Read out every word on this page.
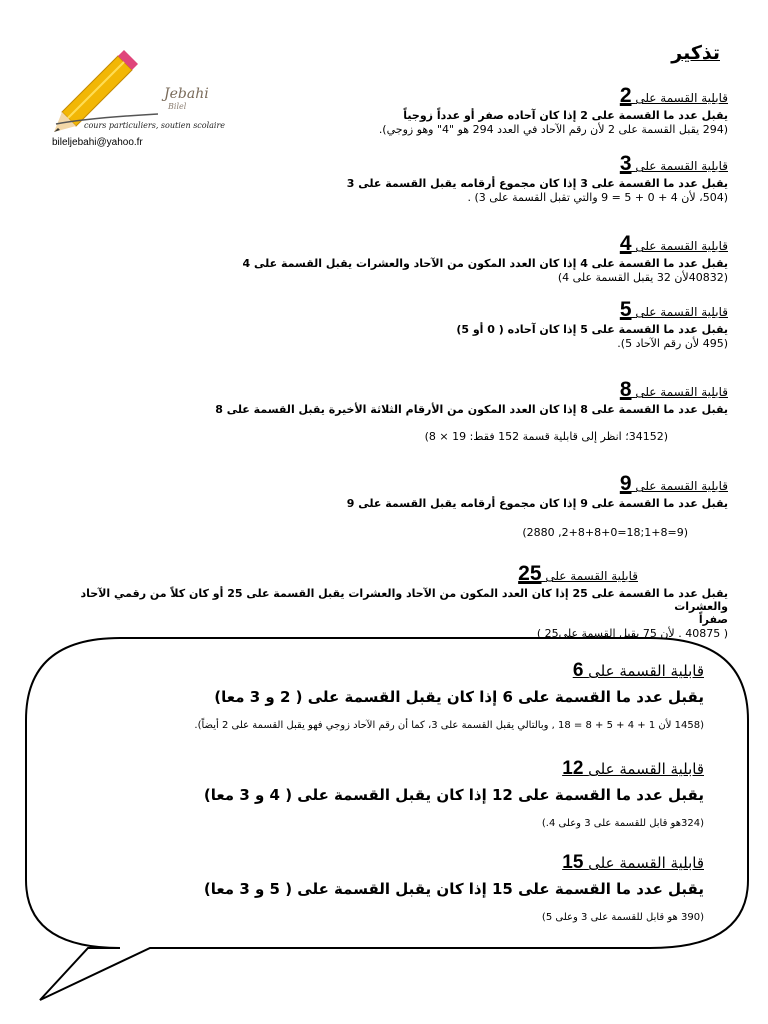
Jebahi
Bilel
cours particuliers, soutien scolaire
bileljebahi@yahoo.fr
تذكير
قابلية القسمة على 2
يقبل عدد ما القسمة على 2 إذا كان آحاده صفر أو عدداً زوجياً
(294 يقبل القسمة على 2 لأن رقم الآحاد في العدد 294 هو "4" وهو زوجي).
قابلية القسمة على 3
يقبل عدد ما القسمة على 3 إذا كان مجموع أرقامه يقبل القسمة على 3
(504، لأن 4 + 0 + 5 = 9 والتي تقبل القسمة على 3) .
قابلية القسمة على 4
يقبل عدد ما القسمة على 4 إذا كان العدد المكون من الآحاد والعشرات يقبل القسمة على 4
(40832لأن 32 يقبل القسمة على 4)
قابلية القسمة على 5
يقبل عدد ما القسمة على 5 إذا كان آحاده ( 0 أو 5)
(495 لأن رقم الآحاد 5).
قابلية القسمة على 8
يقبل عدد ما القسمة على 8 إذا كان العدد المكون من الأرقام الثلاثة الأخيرة يقبل القسمة على 8
(34152؛ انظر إلى قابلية قسمة 152 فقط: 19 × 8)
قابلية القسمة على 9
يقبل عدد ما القسمة على 9 إذا كان مجموع أرقامه يقبل القسمة على 9
(9=1+8;18=2+8+8+0, 2880)
قابلية القسمة على 25
يقبل عدد ما القسمة على 25 إذا كان العدد المكون من الآحاد والعشرات يقبل القسمة على 25 أو كان كلاً من رقمي الآحاد والعشرات
صفراً
( 40875 . لأن 75 يقبل القسمة على25 )
قابلية القسمة على 6
يقبل عدد ما القسمة على 6 إذا كان يقبل القسمة على ( 2 و 3 معا)
(1458 لأن 1 + 4 + 5 + 8 = 18 , وبالتالي يقبل القسمة على 3، كما أن رقم الآحاد زوجي فهو يقبل القسمة على 2 أيضاً).
قابلية القسمة على 12
يقبل عدد ما القسمة على 12 إذا كان يقبل القسمة على ( 4 و 3 معا)
(324هو قابل للقسمة على 3 وعلى 4.)
قابلية القسمة على 15
يقبل عدد ما القسمة على 15 إذا كان يقبل القسمة على ( 5 و 3 معا)
(390 هو قابل للقسمة على 3 وعلى 5)
